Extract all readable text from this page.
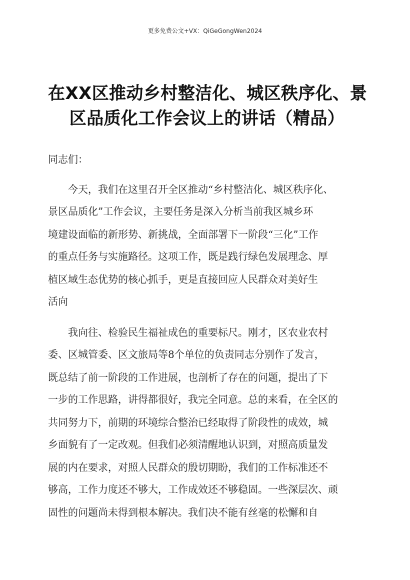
更多免费公文+VX：QiGeGongWen2024
在XX区推动乡村整洁化、城区秩序化、景
区品质化工作会议上的讲话（精品）
同志们：
今天，我们在这里召开全区推动“乡村整洁化、城区秩序化、
景区品质化”工作会议，主要任务是深入分析当前我区城乡环
境建设面临的新形势、新挑战，全面部署下一阶段“三化”工作
的重点任务与实施路径。这项工作，既是践行绿色发展理念、厚
植区域生态优势的核心抓手，更是直接回应人民群众对美好生
活向
我向往、检验民生福祉成色的重要标尺。刚才，区农业农村
委、区城管委、区文旅局等8个单位的负责同志分别作了发言，
既总结了前一阶段的工作进展，也剖析了存在的问题，提出了下
一步的工作思路，讲得都很好，我完全同意。总的来看，在全区的
共同努力下，前期的环境综合整治已经取得了阶段性的成效，城
乡面貌有了一定改观。但我们必须清醒地认识到，对照高质量发
展的内在要求，对照人民群众的殷切期盼，我们的工作标准还不
够高，工作力度还不够大，工作成效还不够稳固。一些深层次、顽
固性的问题尚未得到根本解决。我们决不能有丝毫的松懈和自
